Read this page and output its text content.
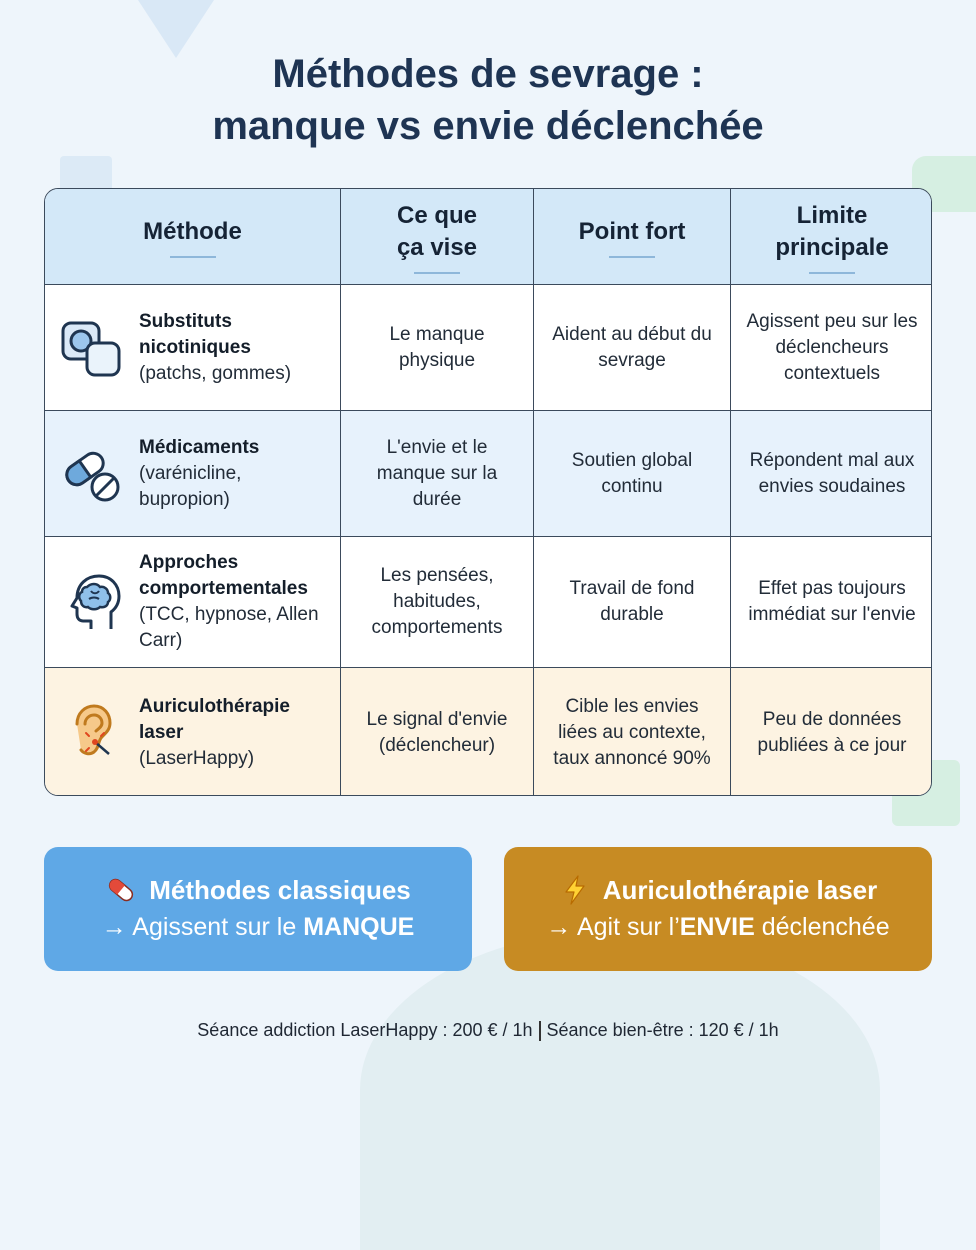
Méthodes de sevrage :
manque vs envie déclenchée
Méthode
Ce que
ça vise
Point fort
Limite
principale
Substituts nicotiniques
(patchs, gommes)
Le manque physique
Aident au début du sevrage
Agissent peu sur les déclencheurs contextuels
Médicaments
(varénicline, bupropion)
L'envie et le manque sur la durée
Soutien global continu
Répondent mal aux envies soudaines
Approches comportementales
(TCC, hypnose, Allen Carr)
Les pensées, habitudes, comportements
Travail de fond durable
Effet pas toujours immédiat sur l'envie
Auriculothérapie laser
(LaserHappy)
Le signal d'envie (déclencheur)
Cible les envies liées au contexte, taux annoncé 90%
Peu de données publiées à ce jour
Méthodes classiques
→ Agissent sur le MANQUE
Auriculothérapie laser
→ Agit sur l’ENVIE déclenchée
Séance addiction LaserHappy : 200 € / 1h Séance bien-être : 120 € / 1h
